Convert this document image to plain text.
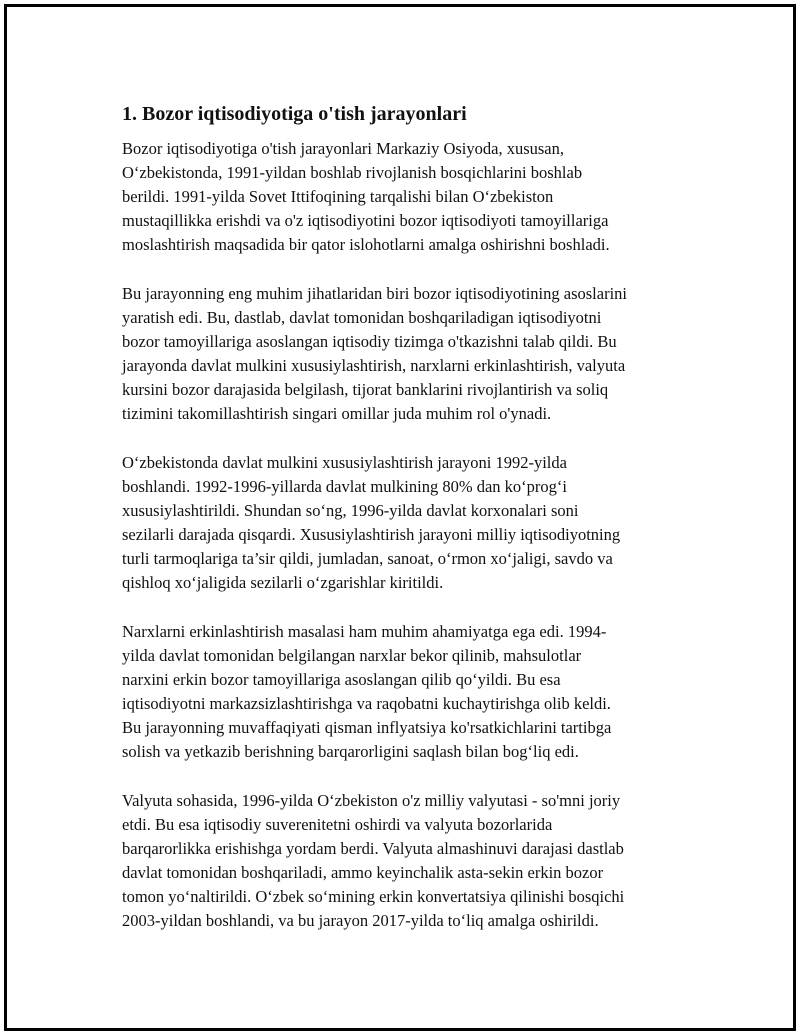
1. Bozor iqtisodiyotiga o'tish jarayonlari

Bozor iqtisodiyotiga o'tish jarayonlari Markaziy Osiyoda, xususan,
O‘zbekistonda, 1991-yildan boshlab rivojlanish bosqichlarini boshlab
berildi. 1991-yilda Sovet Ittifoqining tarqalishi bilan O‘zbekiston
mustaqillikka erishdi va o'z iqtisodiyotini bozor iqtisodiyoti tamoyillariga
moslashtirish maqsadida bir qator islohotlarni amalga oshirishni boshladi.

Bu jarayonning eng muhim jihatlaridan biri bozor iqtisodiyotining asoslarini
yaratish edi. Bu, dastlab, davlat tomonidan boshqariladigan iqtisodiyotni
bozor tamoyillariga asoslangan iqtisodiy tizimga o'tkazishni talab qildi. Bu
jarayonda davlat mulkini xususiylashtirish, narxlarni erkinlashtirish, valyuta
kursini bozor darajasida belgilash, tijorat banklarini rivojlantirish va soliq
tizimini takomillashtirish singari omillar juda muhim rol o'ynadi.

O‘zbekistonda davlat mulkini xususiylashtirish jarayoni 1992-yilda
boshlandi. 1992-1996-yillarda davlat mulkining 80% dan ko‘prog‘i
xususiylashtirildi. Shundan so‘ng, 1996-yilda davlat korxonalari soni
sezilarli darajada qisqardi. Xususiylashtirish jarayoni milliy iqtisodiyotning
turli tarmoqlariga ta’sir qildi, jumladan, sanoat, o‘rmon xo‘jaligi, savdo va
qishloq xo‘jaligida sezilarli o‘zgarishlar kiritildi.

Narxlarni erkinlashtirish masalasi ham muhim ahamiyatga ega edi. 1994-
yilda davlat tomonidan belgilangan narxlar bekor qilinib, mahsulotlar
narxini erkin bozor tamoyillariga asoslangan qilib qo‘yildi. Bu esa
iqtisodiyotni markazsizlashtirishga va raqobatni kuchaytirishga olib keldi.
Bu jarayonning muvaffaqiyati qisman inflyatsiya ko'rsatkichlarini tartibga
solish va yetkazib berishning barqarorligini saqlash bilan bog‘liq edi.

Valyuta sohasida, 1996-yilda O‘zbekiston o'z milliy valyutasi - so'mni joriy
etdi. Bu esa iqtisodiy suverenitetni oshirdi va valyuta bozorlarida
barqarorlikka erishishga yordam berdi. Valyuta almashinuvi darajasi dastlab
davlat tomonidan boshqariladi, ammo keyinchalik asta-sekin erkin bozor
tomon yo‘naltirildi. O‘zbek so‘mining erkin konvertatsiya qilinishi bosqichi
2003-yildan boshlandi, va bu jarayon 2017-yilda to‘liq amalga oshirildi.
